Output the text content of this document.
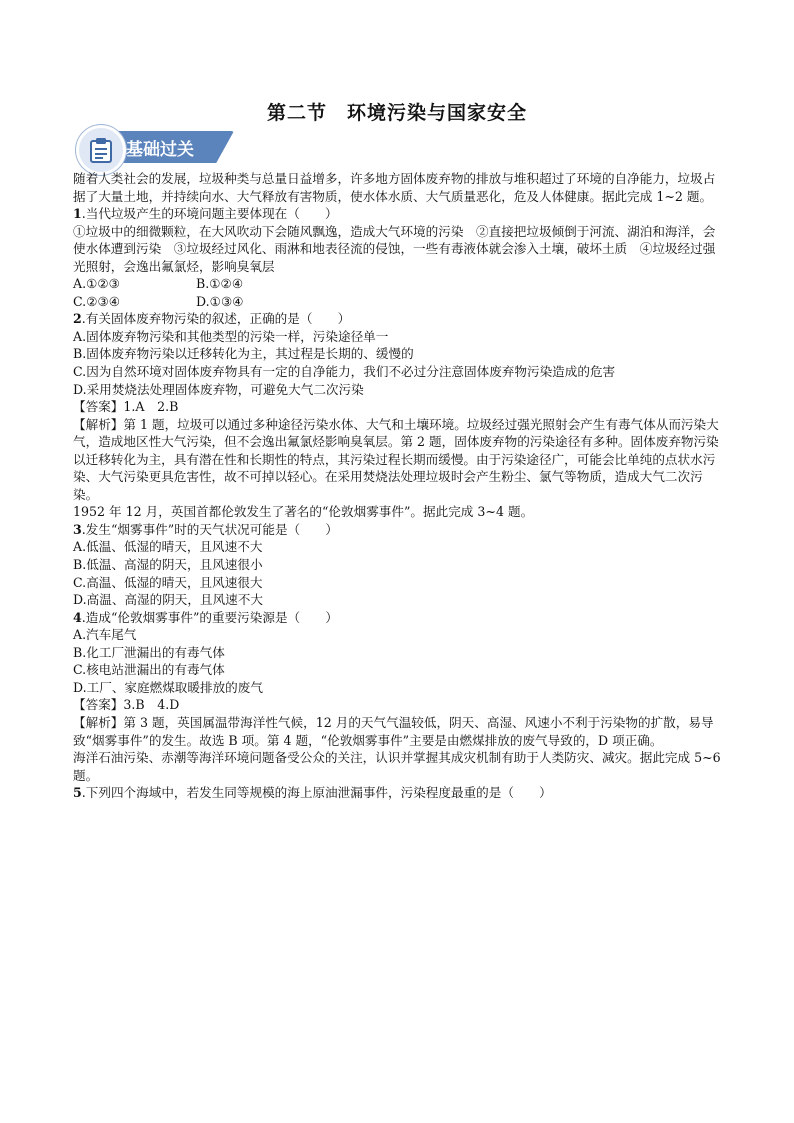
第二节　环境污染与国家安全
基础过关

随着人类社会的发展，垃圾种类与总量日益增多，许多地方固体废弃物的排放与堆积超过了环境的自净能力，垃圾占据了大量土地，并持续向水、大气释放有害物质，使水体水质、大气质量恶化，危及人体健康。据此完成 1~2 题。

1.当代垃圾产生的环境问题主要体现在（　　）

①垃圾中的细微颗粒，在大风吹动下会随风飘逸，造成大气环境的污染　②直接把垃圾倾倒于河流、湖泊和海洋，会使水体遭到污染　③垃圾经过风化、雨淋和地表径流的侵蚀，一些有毒液体就会渗入土壤，破坏土质　④垃圾经过强光照射，会逸出氟氯烃，影响臭氧层

A.①②③	B.①②④
C.②③④	D.①③④

2.有关固体废弃物污染的叙述，正确的是（　　）

A.固体废弃物污染和其他类型的污染一样，污染途径单一

B.固体废弃物污染以迁移转化为主，其过程是长期的、缓慢的

C.因为自然环境对固体废弃物具有一定的自净能力，我们不必过分注意固体废弃物污染造成的危害

D.采用焚烧法处理固体废弃物，可避免大气二次污染

【答案】1.A　2.B

【解析】第 1 题，垃圾可以通过多种途径污染水体、大气和土壤环境。垃圾经过强光照射会产生有毒气体从而污染大气，造成地区性大气污染，但不会逸出氟氯烃影响臭氧层。第 2 题，固体废弃物的污染途径有多种。固体废弃物污染以迁移转化为主，具有潜在性和长期性的特点，其污染过程长期而缓慢。由于污染途径广，可能会比单纯的点状水污染、大气污染更具危害性，故不可掉以轻心。在采用焚烧法处理垃圾时会产生粉尘、氯气等物质，造成大气二次污染。

1952 年 12 月，英国首都伦敦发生了著名的“伦敦烟雾事件”。据此完成 3~4 题。

3.发生“烟雾事件”时的天气状况可能是（　　）

A.低温、低湿的晴天，且风速不大

B.低温、高湿的阴天，且风速很小

C.高温、低湿的晴天，且风速很大

D.高温、高湿的阴天，且风速不大

4.造成“伦敦烟雾事件”的重要污染源是（　　）

A.汽车尾气

B.化工厂泄漏出的有毒气体

C.核电站泄漏出的有毒气体

D.工厂、家庭燃煤取暖排放的废气

【答案】3.B　4.D

【解析】第 3 题，英国属温带海洋性气候，12 月的天气气温较低，阴天、高湿、风速小不利于污染物的扩散，易导致“烟雾事件”的发生。故选 B 项。第 4 题，“伦敦烟雾事件”主要是由燃煤排放的废气导致的，D 项正确。

海洋石油污染、赤潮等海洋环境问题备受公众的关注，认识并掌握其成灾机制有助于人类防灾、减灾。据此完成 5~6 题。

5.下列四个海域中，若发生同等规模的海上原油泄漏事件，污染程度最重的是（　　）
